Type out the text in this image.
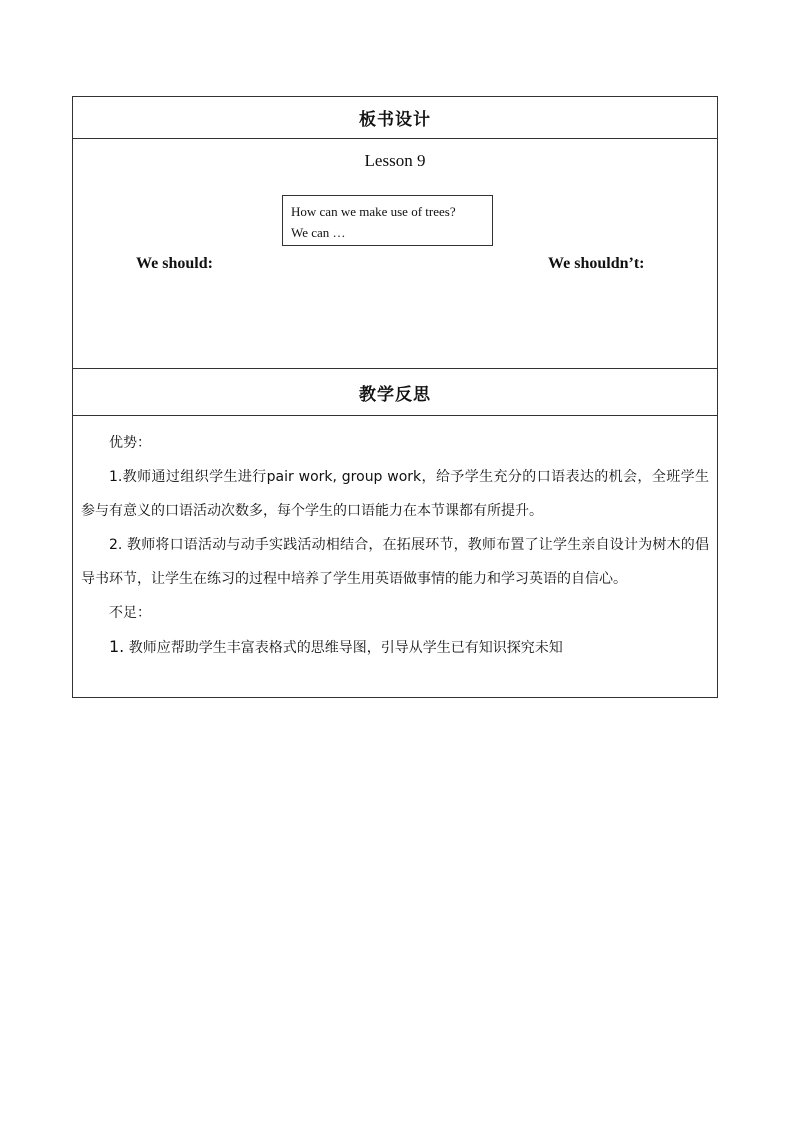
板书设计
Lesson 9
How can we make use of trees?
We can …
We should:	We shouldn’t:
教学反思

优势：

1.教师通过组织学生进行pair work, group work，给予学生充分的口语表达的机会，全班学生参与有意义的口语活动次数多，每个学生的口语能力在本节课都有所提升。

2. 教师将口语活动与动手实践活动相结合，在拓展环节，教师布置了让学生亲自设计为树木的倡导书环节，让学生在练习的过程中培养了学生用英语做事情的能力和学习英语的自信心。

不足：

1. 教师应帮助学生丰富表格式的思维导图，引导从学生已有知识探究未知
